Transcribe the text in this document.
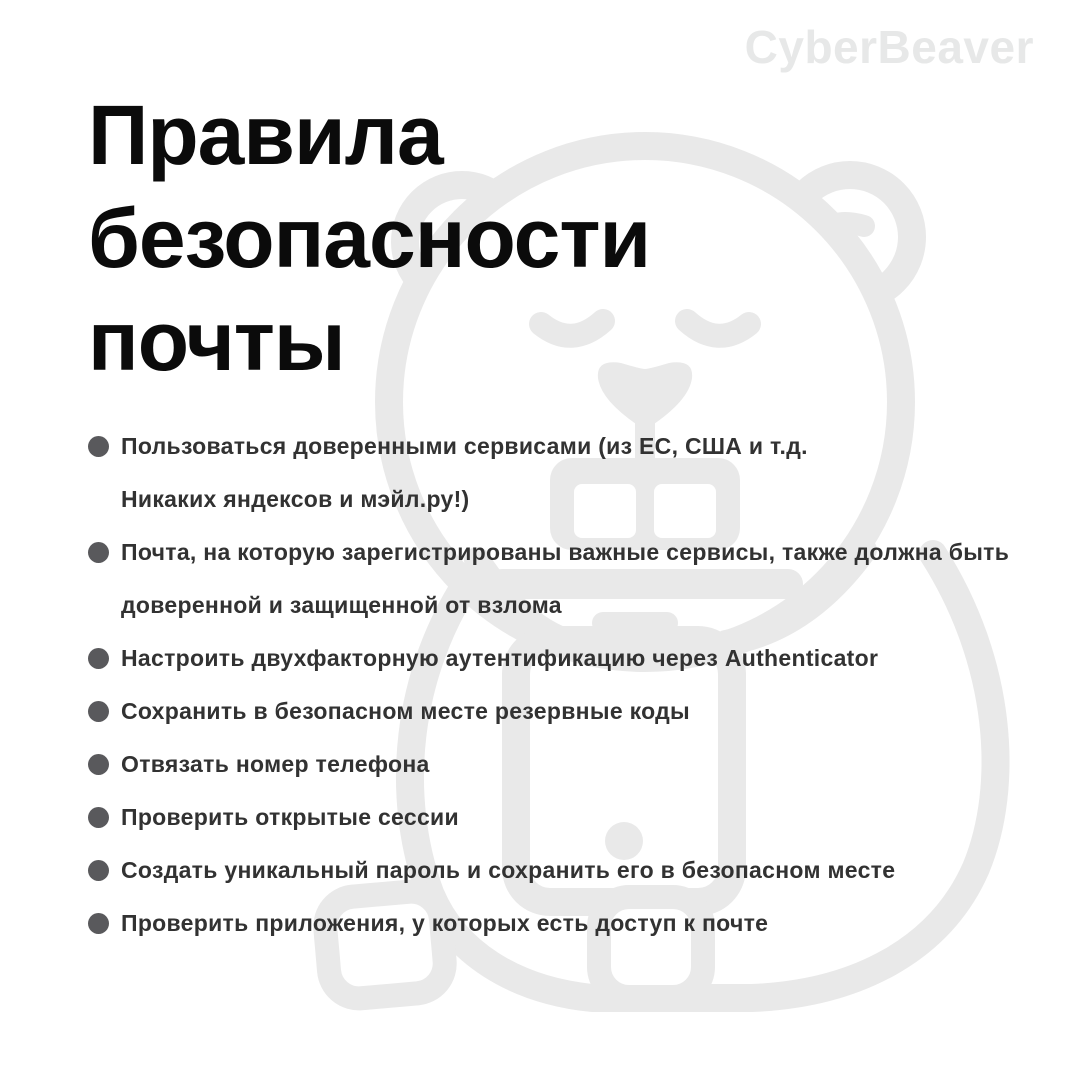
CyberBeaver
Правила
безопасности
почты
Пользоваться доверенными сервисами (из ЕС, США и т.д.
Никаких яндексов и мэйл.ру!)
Почта, на которую зарегистрированы важные сервисы, также должна быть
доверенной и защищенной от взлома
Настроить двухфакторную аутентификацию через Authenticator
Сохранить в безопасном месте резервные коды
Отвязать номер телефона
Проверить открытые сессии
Создать уникальный пароль и сохранить его в безопасном месте
Проверить приложения, у которых есть доступ к почте
